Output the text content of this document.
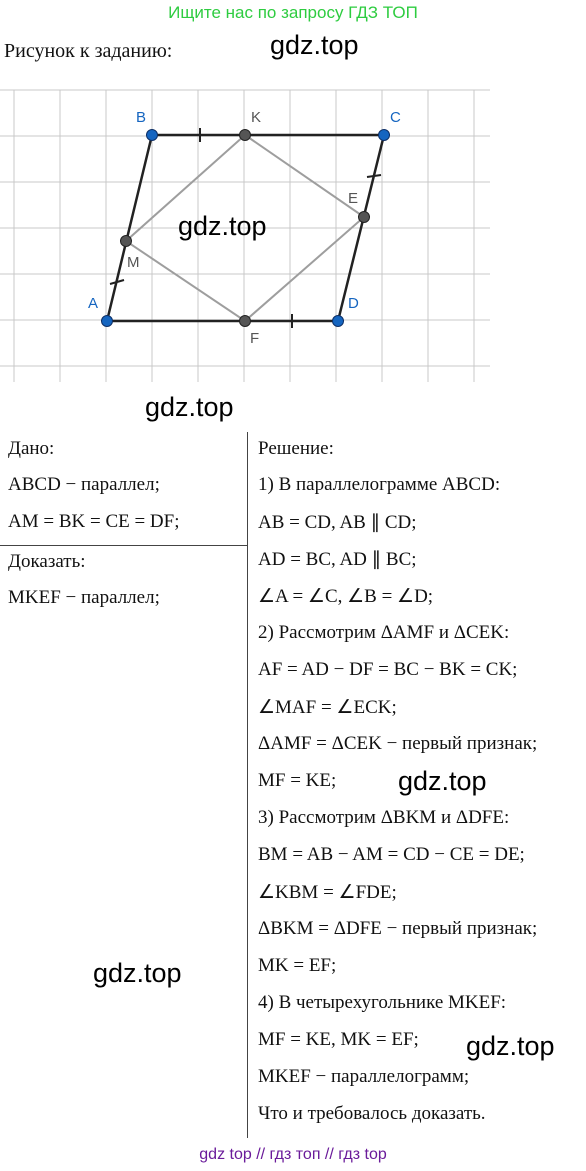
Ищите нас по запросу ГДЗ ТОП
Рисунок к заданию:	gdz.top
A
B	C
D
K
E
F
M
gdz.top
gdz.top
Дано:
ABCD − параллел;
AM = BK = CE = DF;
Доказать:
MKEF − параллел;
Решение:
1) В параллелограмме ABCD:
AB = CD, AB ∥ CD;
AD = BC, AD ∥ BC;
∠A = ∠C, ∠B = ∠D;
2) Рассмотрим ΔAMF и ΔCEK:
AF = AD − DF = BC − BK = CK;
∠MAF = ∠ECK;
ΔAMF = ΔCEK − первый признак;
MF = KE;
3) Рассмотрим ΔBKM и ΔDFE:
BM = AB − AM = CD − CE = DE;
∠KBM = ∠FDE;
ΔBKM = ΔDFE − первый признак;
MK = EF;
4) В четырехугольнике MKEF:
MF = KE, MK = EF;
MKEF − параллелограмм;
Что и требовалось доказать.
gdz.top
gdz.top
gdz.top
gdz top // гдз топ // гдз top
